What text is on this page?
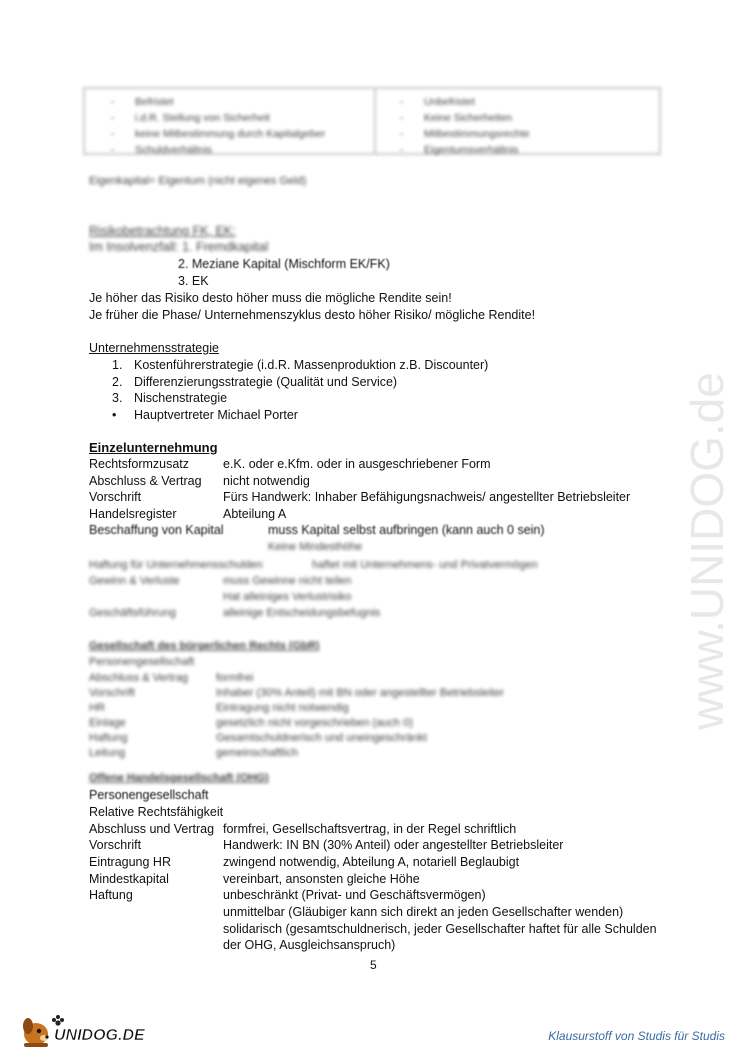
- Befristet
- i.d.R. Stellung von Sicherheit
- keine Mitbestimmung durch Kapitalgeber
- Schuldverhältnis
- Unbefristet
- Keine Sicherheiten
- Mitbestimmungsrechte
- Eigentumsverhältnis
Eigenkapital= Eigentum (nicht eigenes Geld)
Risikobetrachtung FK, EK:
Im Insolvenzfall: 1. Fremdkapital
2. Meziane Kapital (Mischform EK/FK)
3. EK
Je höher das Risiko desto höher muss die mögliche Rendite sein!
Je früher die Phase/ Unternehmenszyklus desto höher Risiko/ mögliche Rendite!
Unternehmensstrategie
1. Kostenführerstrategie (i.d.R. Massenproduktion z.B. Discounter)
2. Differenzierungsstrategie (Qualität und Service)
3. Nischenstrategie
• Hauptvertreter Michael Porter
Einzelunternehmung
Rechtsformzusatz	e.K. oder e.Kfm. oder in ausgeschriebener Form
Abschluss & Vertrag nicht notwendig
Vorschrift	Fürs Handwerk: Inhaber Befähigungsnachweis/ angestellter Betriebsleiter
Handelsregister	Abteilung A
Beschaffung von Kapital	muss Kapital selbst aufbringen (kann auch 0 sein)
Keine Mindesthöhe
Haftung für Unternehmensschulden	haftet mit Unternehmens- und Privatvermögen
Gewinn & Verluste	muss Gewinne nicht teilen
Hat alleiniges Verlustrisiko
Geschäftsführung	alleinige Entscheidungsbefugnis
Gesellschaft des bürgerlichen Rechts (GbR)
Personengesellschaft
Abschluss & Vertrag	formfrei
Vorschrift	Inhaber (30% Anteil) mit BN oder angestellter Betriebsleiter
HR	Eintragung nicht notwendig
Einlage	gesetzlich nicht vorgeschrieben (auch 0)
Haftung	Gesamtschuldnerisch und uneingeschränkt
Leitung	gemeinschaftlich
Offene Handelsgesellschaft (OHG)
Personengesellschaft
Relative Rechtsfähigkeit
Abschluss und Vertrag formfrei, Gesellschaftsvertrag, in der Regel schriftlich
Vorschrift	Handwerk: IN BN (30% Anteil) oder angestellter Betriebsleiter
Eintragung HR	zwingend notwendig, Abteilung A, notariell Beglaubigt
Mindestkapital	vereinbart, ansonsten gleiche Höhe
Haftung	unbeschränkt (Privat- und Geschäftsvermögen)
unmittelbar (Gläubiger kann sich direkt an jeden Gesellschafter wenden)
solidarisch (gesamtschuldnerisch, jeder Gesellschafter haftet für alle Schulden
der OHG, Ausgleichsanspruch)
5
www.UNIDOG.de
UNIDOG.DE	Klausurstoff von Studis für Studis
